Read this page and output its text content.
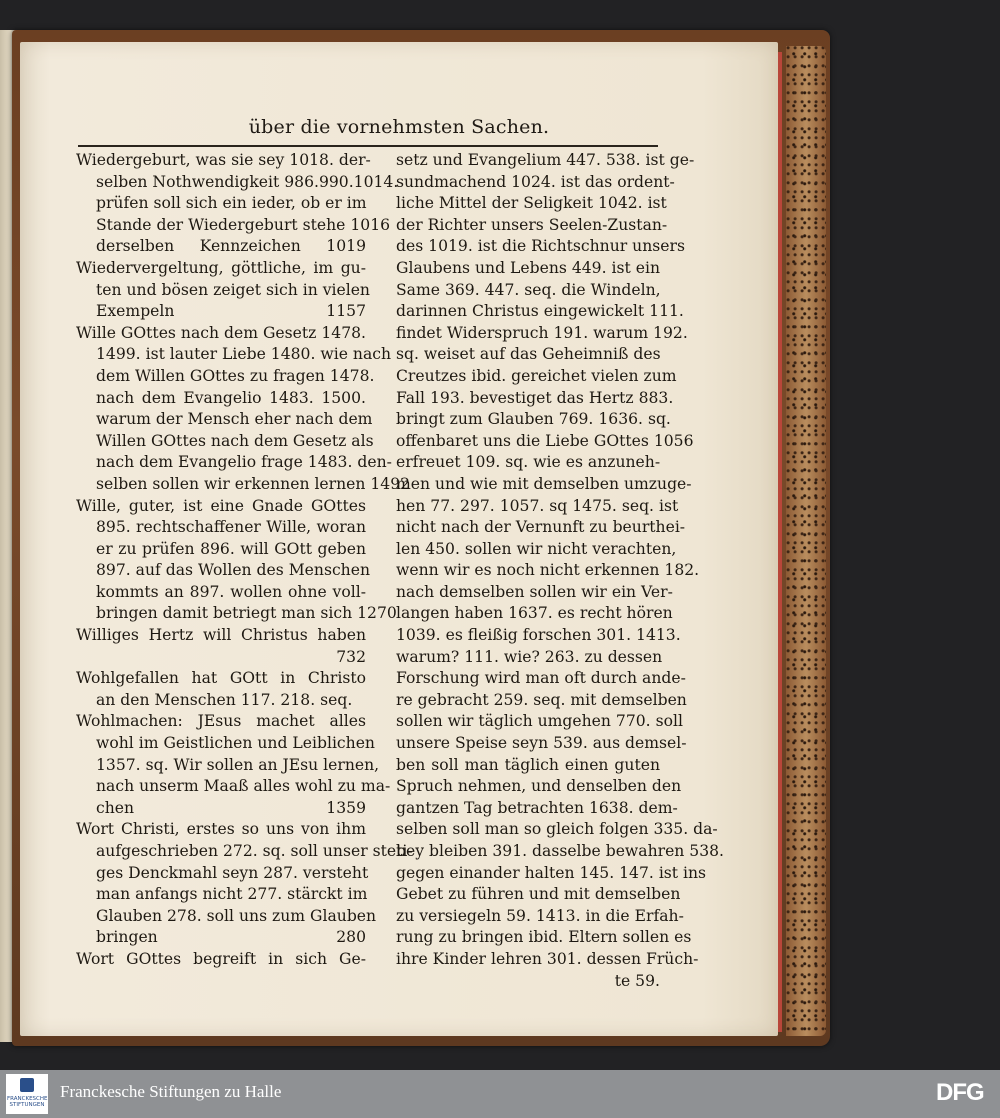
über die vornehmsten Sachen.
Wiedergeburt, was sie sey 1018. der-
selben Nothwendigkeit 986.990.1014.
prüfen soll sich ein ieder, ob er im
Stande der Wiedergeburt stehe 1016
derselben Kennzeichen 1019
Wiedervergeltung, göttliche, im gu-
ten und bösen zeiget sich in vielen
Exempeln 1157
Wille GOttes nach dem Gesetz 1478.
1499. ist lauter Liebe 1480. wie nach
dem Willen GOttes zu fragen 1478.
nach dem Evangelio 1483. 1500.
warum der Mensch eher nach dem
Willen GOttes nach dem Gesetz als
nach dem Evangelio frage 1483. den-
selben sollen wir erkennen lernen 1492
Wille, guter, ist eine Gnade GOttes
895. rechtschaffener Wille, woran
er zu prüfen 896. will GOtt geben
897. auf das Wollen des Menschen
kommts an 897. wollen ohne voll-
bringen damit betriegt man sich 1270
Williges Hertz will Christus haben
732
Wohlgefallen hat GOtt in Christo
an den Menschen 117. 218. seq.
Wohlmachen: JEsus machet alles
wohl im Geistlichen und Leiblichen
1357. sq. Wir sollen an JEsu lernen,
nach unserm Maaß alles wohl zu ma-
chen 1359
Wort Christi, erstes so uns von ihm
aufgeschrieben 272. sq. soll unser steti-
ges Denckmahl seyn 287. versteht
man anfangs nicht 277. stärckt im
Glauben 278. soll uns zum Glauben
bringen 280
Wort GOttes begreift in sich Ge-
setz und Evangelium 447. 538. ist ge-
sundmachend 1024. ist das ordent-
liche Mittel der Seligkeit 1042. ist
der Richter unsers Seelen-Zustan-
des 1019. ist die Richtschnur unsers
Glaubens und Lebens 449. ist ein
Same 369. 447. seq. die Windeln,
darinnen Christus eingewickelt 111.
findet Widerspruch 191. warum 192.
sq. weiset auf das Geheimniß des
Creutzes ibid. gereichet vielen zum
Fall 193. bevestiget das Hertz 883.
bringt zum Glauben 769. 1636. sq.
offenbaret uns die Liebe GOttes 1056
erfreuet 109. sq. wie es anzuneh-
men und wie mit demselben umzuge-
hen 77. 297. 1057. sq 1475. seq. ist
nicht nach der Vernunft zu beurthei-
len 450. sollen wir nicht verachten,
wenn wir es noch nicht erkennen 182.
nach demselben sollen wir ein Ver-
langen haben 1637. es recht hören
1039. es fleißig forschen 301. 1413.
warum? 111. wie? 263. zu dessen
Forschung wird man oft durch ande-
re gebracht 259. seq. mit demselben
sollen wir täglich umgehen 770. soll
unsere Speise seyn 539. aus demsel-
ben soll man täglich einen guten
Spruch nehmen, und denselben den
gantzen Tag betrachten 1638. dem-
selben soll man so gleich folgen 335. da-
bey bleiben 391. dasselbe bewahren 538.
gegen einander halten 145. 147. ist ins
Gebet zu führen und mit demselben
zu versiegeln 59. 1413. in die Erfah-
rung zu bringen ibid. Eltern sollen es
ihre Kinder lehren 301. dessen Früch-
te 59.
FRANCKESCHE STIFTUNGEN
Franckesche Stiftungen zu Halle	DFG
